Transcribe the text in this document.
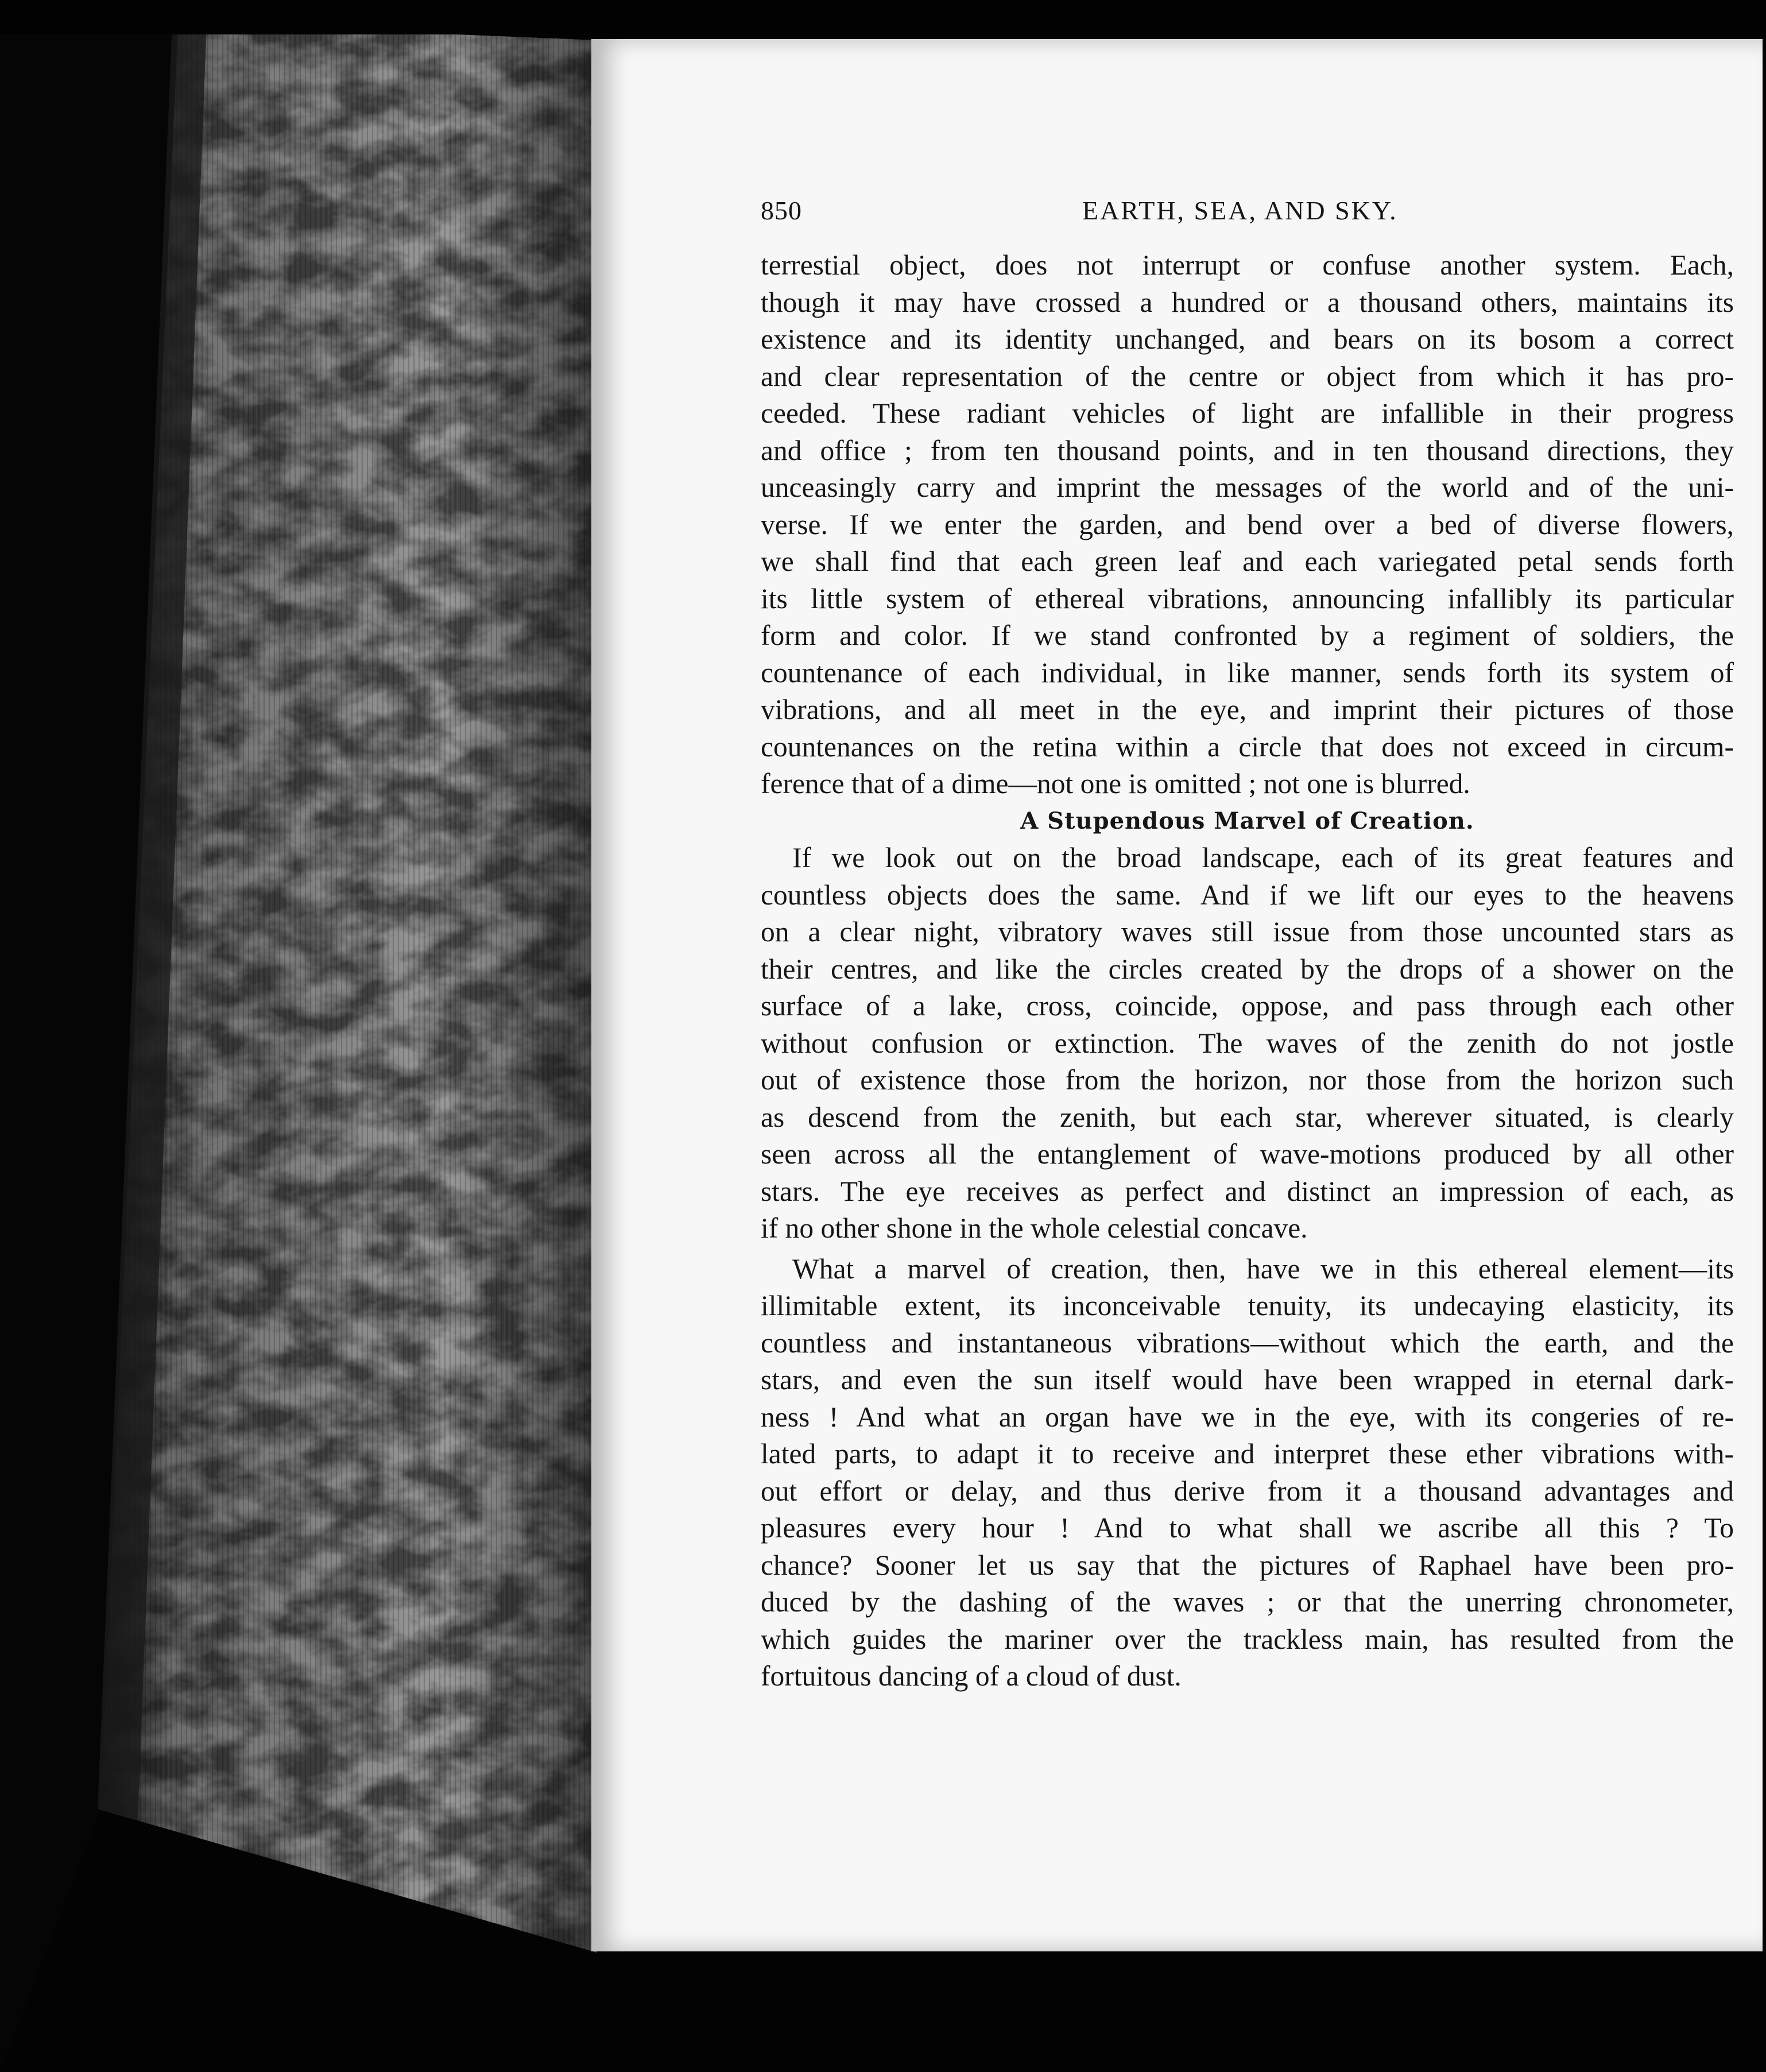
850	EARTH, SEA, AND SKY.
terrestial object, does not interrupt or confuse another system. Each,
though it may have crossed a hundred or a thousand others, maintains its
existence and its identity unchanged, and bears on its bosom a correct
and clear representation of the centre or object from which it has pro-
ceeded. These radiant vehicles of light are infallible in their progress
and office ; from ten thousand points, and in ten thousand directions, they
unceasingly carry and imprint the messages of the world and of the uni-
verse. If we enter the garden, and bend over a bed of diverse flowers,
we shall find that each green leaf and each variegated petal sends forth
its little system of ethereal vibrations, announcing infallibly its particular
form and color. If we stand confronted by a regiment of soldiers, the
countenance of each individual, in like manner, sends forth its system of
vibrations, and all meet in the eye, and imprint their pictures of those
countenances on the retina within a circle that does not exceed in circum-
ference that of a dime—not one is omitted ; not one is blurred.
A Stupendous Marvel of Creation.
If we look out on the broad landscape, each of its great features and
countless objects does the same. And if we lift our eyes to the heavens
on a clear night, vibratory waves still issue from those uncounted stars as
their centres, and like the circles created by the drops of a shower on the
surface of a lake, cross, coincide, oppose, and pass through each other
without confusion or extinction. The waves of the zenith do not jostle
out of existence those from the horizon, nor those from the horizon such
as descend from the zenith, but each star, wherever situated, is clearly
seen across all the entanglement of wave-motions produced by all other
stars. The eye receives as perfect and distinct an impression of each, as
if no other shone in the whole celestial concave.
What a marvel of creation, then, have we in this ethereal element—its
illimitable extent, its inconceivable tenuity, its undecaying elasticity, its
countless and instantaneous vibrations—without which the earth, and the
stars, and even the sun itself would have been wrapped in eternal dark-
ness ! And what an organ have we in the eye, with its congeries of re-
lated parts, to adapt it to receive and interpret these ether vibrations with-
out effort or delay, and thus derive from it a thousand advantages and
pleasures every hour ! And to what shall we ascribe all this ? To
chance? Sooner let us say that the pictures of Raphael have been pro-
duced by the dashing of the waves ; or that the unerring chronometer,
which guides the mariner over the trackless main, has resulted from the
fortuitous dancing of a cloud of dust.
